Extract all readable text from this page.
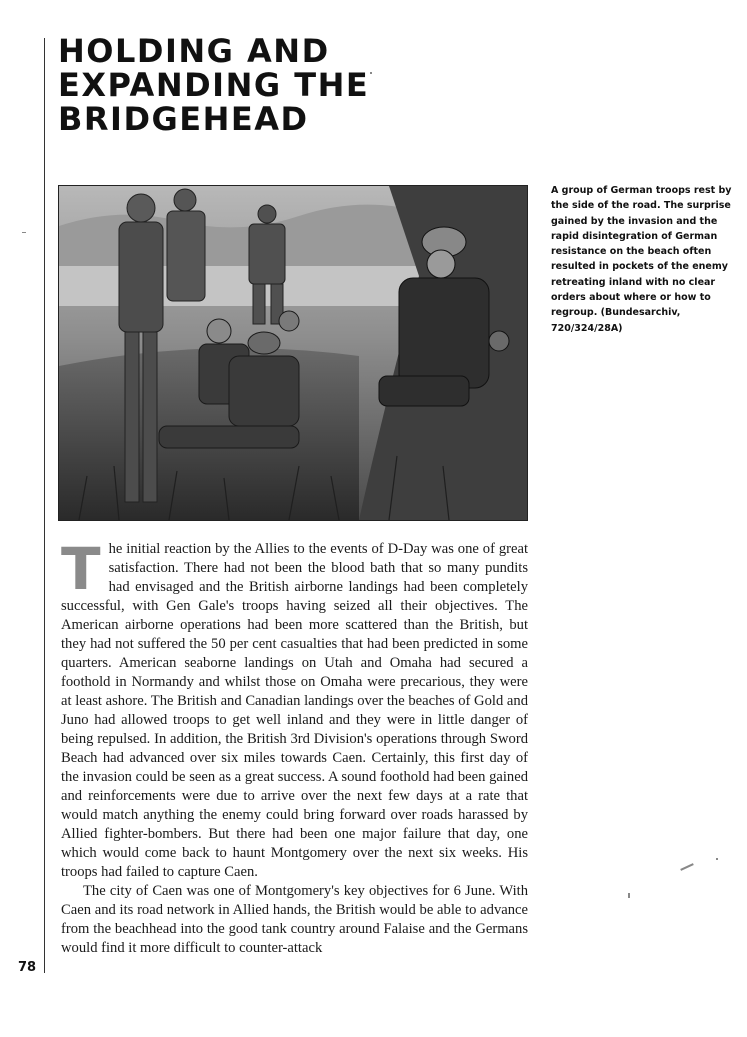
HOLDING AND
EXPANDING THE
BRIDGEHEAD

A group of German troops rest by the side of the road. The surprise gained by the invasion and the rapid disintegration of German resistance on the beach often resulted in pockets of the enemy retreating inland with no clear orders about where or how to regroup. (Bundesarchiv, 720/324/28A)

The initial reaction by the Allies to the events of D-Day was one of great satisfaction. There had not been the blood bath that so many pundits had envisaged and the British airborne landings had been completely successful, with Gen Gale's troops having seized all their objectives. The American airborne operations had been more scattered than the British, but they had not suffered the 50 per cent casualties that had been predicted in some quarters. American seaborne landings on Utah and Omaha had secured a foothold in Normandy and whilst those on Omaha were precarious, they were at least ashore. The British and Canadian landings over the beaches of Gold and Juno had allowed troops to get well inland and they were in little danger of being repulsed. In addition, the British 3rd Division's operations through Sword Beach had advanced over six miles towards Caen. Certainly, this first day of the invasion could be seen as a great success. A sound foothold had been gained and reinforcements were due to arrive over the next few days at a rate that would match anything the enemy could bring forward over roads harassed by Allied fighter-bombers. But there had been one major failure that day, one which would come back to haunt Montgomery over the next six weeks. His troops had failed to capture Caen.

The city of Caen was one of Montgomery's key objectives for 6 June. With Caen and its road network in Allied hands, the British would be able to advance from the beachhead into the good tank country around Falaise and the Germans would find it more difficult to counter-attack

78
